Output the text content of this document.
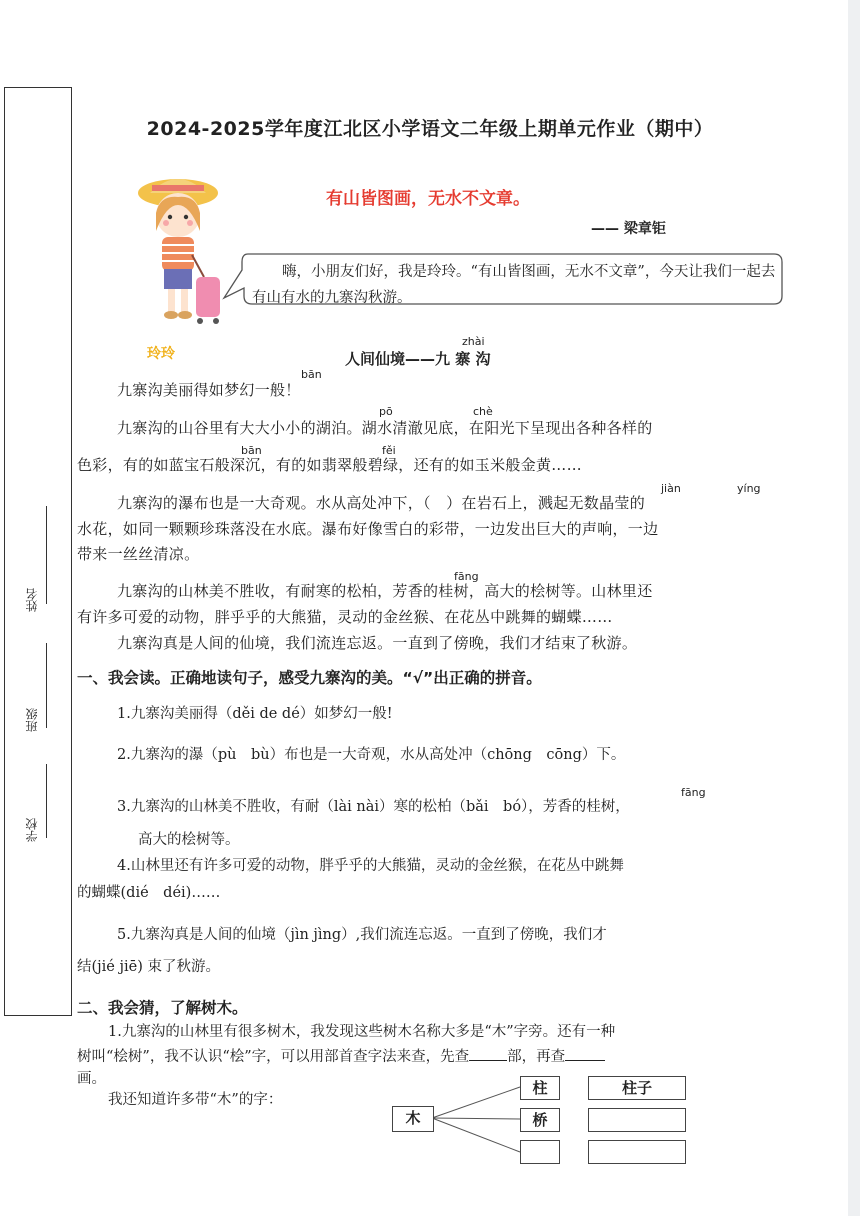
学校
班级
姓名
2024-2025学年度江北区小学语文二年级上期单元作业（期中）
有山皆图画，无水不文章。
—— 梁章钜
嗨，小朋友们好，我是玲玲。“有山皆图画，无水不文章”，今天让我们一起去有山有水的九寨沟秋游。
玲玲
zhài
人间仙境——九 寨 沟
bān
九寨沟美丽得如梦幻一般！
pō	chè
九寨沟的山谷里有大大小小的湖泊。湖水清澈见底，在阳光下呈现出各种各样的
bān	fěi
色彩，有的如蓝宝石般深沉，有的如翡翠般碧绿，还有的如玉米般金黄……
jiàn	yíng
九寨沟的瀑布也是一大奇观。水从高处冲下，（　）在岩石上，溅起无数晶莹的
水花，如同一颗颗珍珠落没在水底。瀑布好像雪白的彩带，一边发出巨大的声响，一边
带来一丝丝清凉。
fāng
九寨沟的山林美不胜收，有耐寒的松柏，芳香的桂树，高大的桧树等。山林里还
有许多可爱的动物，胖乎乎的大熊猫，灵动的金丝猴、在花丛中跳舞的蝴蝶……
九寨沟真是人间的仙境，我们流连忘返。一直到了傍晚，我们才结束了秋游。
一、我会读。正确地读句子，感受九寨沟的美。“√”出正确的拼音。
1.九寨沟美丽得（děi de dé）如梦幻一般!
2.九寨沟的瀑（pù　bù）布也是一大奇观，水从高处冲（chōng　cōng）下。
fāng
3.九寨沟的山林美不胜收，有耐（lài nài）寒的松柏（bǎi　bó），芳香的桂树，
高大的桧树等。
4.山林里还有许多可爱的动物，胖乎乎的大熊猫，灵动的金丝猴，在花丛中跳舞
的蝴蝶(dié　déi)……
5.九寨沟真是人间的仙境（jìn jìng）,我们流连忘返。一直到了傍晚，我们才
结(jié jiē) 束了秋游。
二、我会猜，了解树木。
1.九寨沟的山林里有很多树木，我发现这些树木名称大多是“木”字旁。还有一种
树叫“桧树”，我不认识“桧”字，可以用部首查字法来查，先查	部，再查
画。
我还知道许多带“木”的字：
木
柱
桥
柱子
